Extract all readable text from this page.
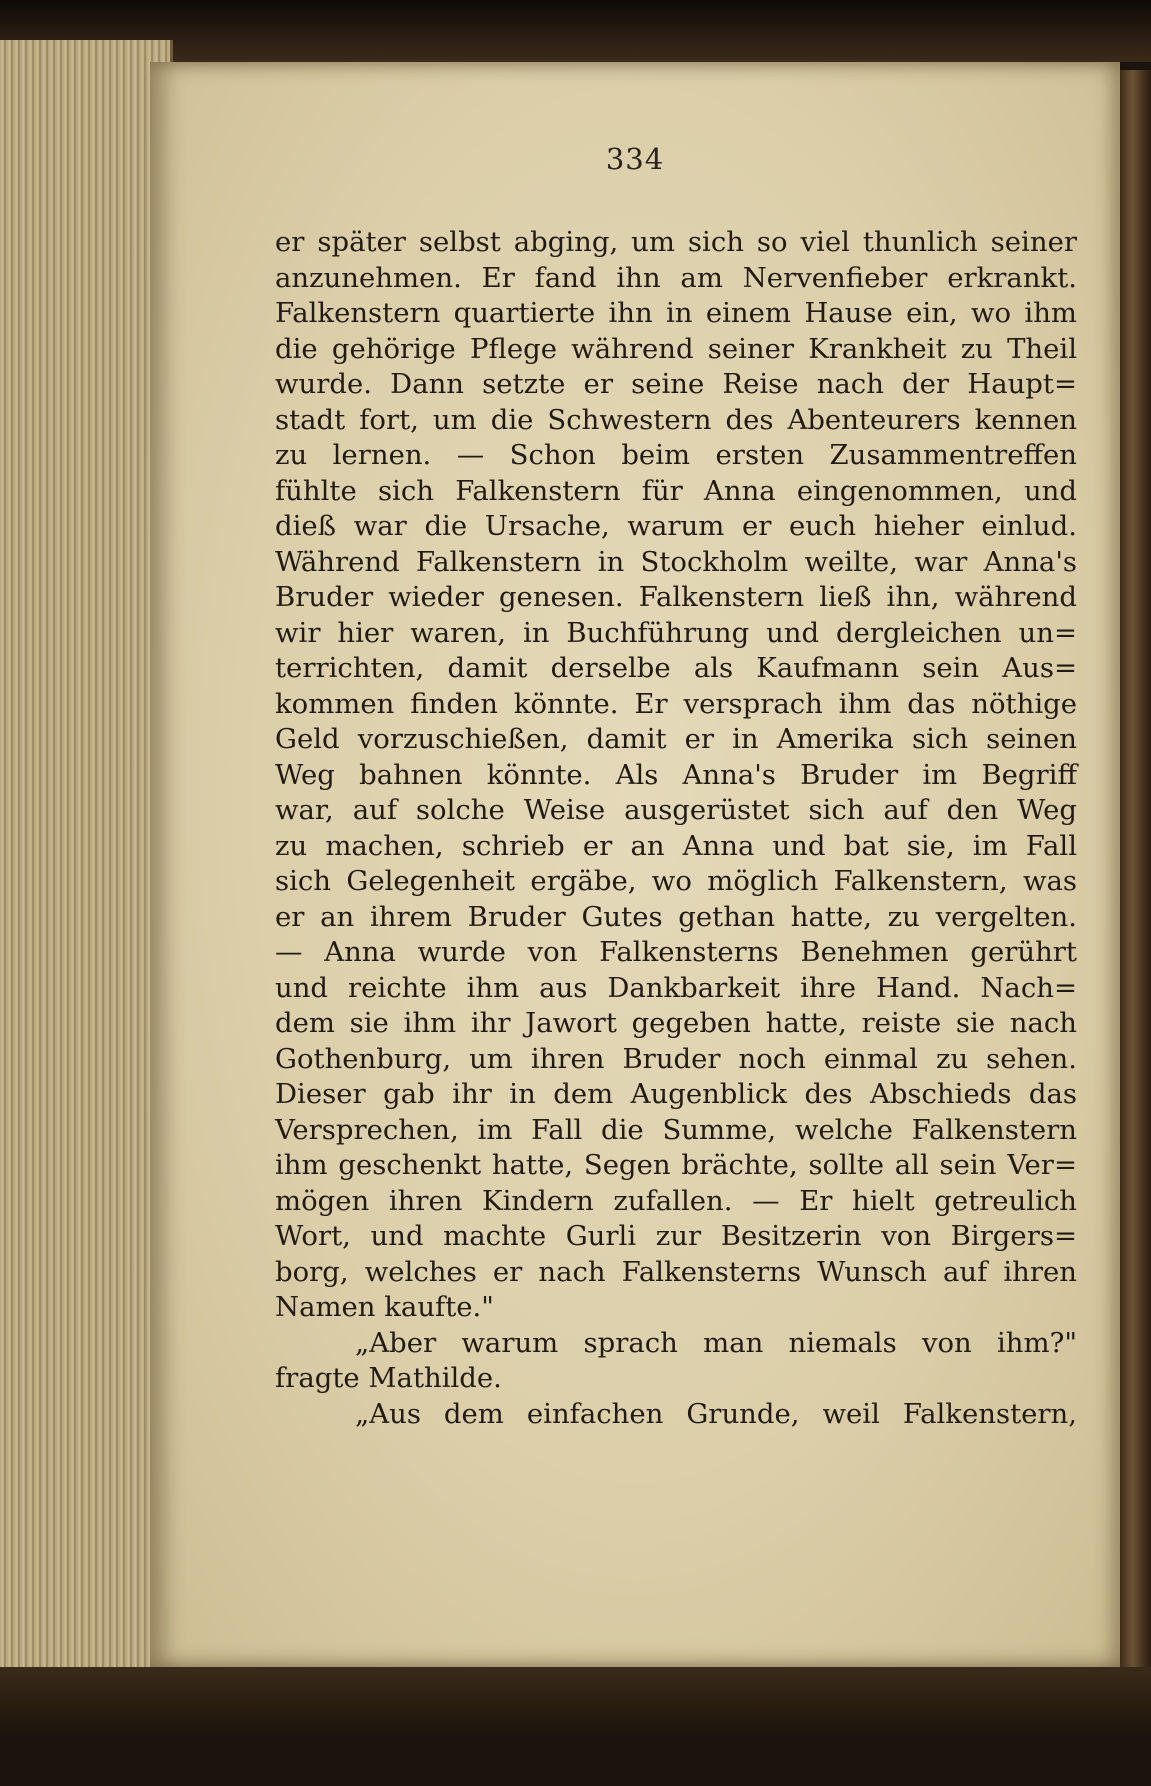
334
er später selbst abging, um sich so viel thunlich seiner
anzunehmen. Er fand ihn am Nervenfieber erkrankt.
Falkenstern quartierte ihn in einem Hause ein, wo ihm
die gehörige Pflege während seiner Krankheit zu Theil
wurde. Dann setzte er seine Reise nach der Haupt=
stadt fort, um die Schwestern des Abenteurers kennen
zu lernen. — Schon beim ersten Zusammentreffen
fühlte sich Falkenstern für Anna eingenommen, und
dieß war die Ursache, warum er euch hieher einlud.
Während Falkenstern in Stockholm weilte, war Anna's
Bruder wieder genesen. Falkenstern ließ ihn, während
wir hier waren, in Buchführung und dergleichen un=
terrichten, damit derselbe als Kaufmann sein Aus=
kommen finden könnte. Er versprach ihm das nöthige
Geld vorzuschießen, damit er in Amerika sich seinen
Weg bahnen könnte. Als Anna's Bruder im Begriff
war, auf solche Weise ausgerüstet sich auf den Weg
zu machen, schrieb er an Anna und bat sie, im Fall
sich Gelegenheit ergäbe, wo möglich Falkenstern, was
er an ihrem Bruder Gutes gethan hatte, zu vergelten.
— Anna wurde von Falkensterns Benehmen gerührt
und reichte ihm aus Dankbarkeit ihre Hand. Nach=
dem sie ihm ihr Jawort gegeben hatte, reiste sie nach
Gothenburg, um ihren Bruder noch einmal zu sehen.
Dieser gab ihr in dem Augenblick des Abschieds das
Versprechen, im Fall die Summe, welche Falkenstern
ihm geschenkt hatte, Segen brächte, sollte all sein Ver=
mögen ihren Kindern zufallen. — Er hielt getreulich
Wort, und machte Gurli zur Besitzerin von Birgers=
borg, welches er nach Falkensterns Wunsch auf ihren
Namen kaufte."
„Aber warum sprach man niemals von ihm?"
fragte Mathilde.
„Aus dem einfachen Grunde, weil Falkenstern,
